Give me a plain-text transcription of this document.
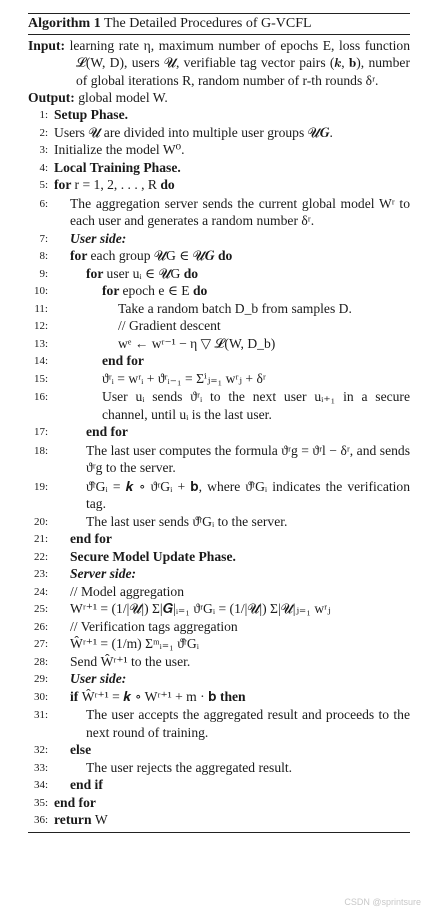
Algorithm 1 The Detailed Procedures of G-VCFL
Input: learning rate η, maximum number of epochs E, loss function 𝓛(W, D), users 𝓤, verifiable tag vector pairs (𝒌, 𝐛), number of global iterations R, random number of r-th rounds δʳ.
Output: global model W.
1: Setup Phase.
2: Users 𝓤 are divided into multiple user groups 𝓤𝑮.
3: Initialize the model W⁰.
4: Local Training Phase.
5: for r = 1, 2, . . . , R do
6:	The aggregation server sends the current global model Wʳ to each user and generates a random number δʳ.
7:	User side:
8:	for each group 𝓤G ∈ 𝓤𝑮 do
9:	for user uᵢ ∈ 𝓤G do
10:	for epoch e ∈ E do
11:	Take a random batch D_b from samples D.
12:	// Gradient descent
13:	wᵉ ← wʳ⁻¹ − η ▽ 𝓛(W, D_b)
14:	end for
15:	ϑʳᵢ = wʳᵢ + ϑʳᵢ₋₁ = Σⁱⱼ₌₁ wʳⱼ + δʳ
16:	User uᵢ sends ϑʳᵢ to the next user uᵢ₊₁ in a secure channel, until uᵢ is the last user.
17:	end for
18:	The last user computes the formula ϑʳg = ϑʳl − δʳ, and sends ϑʳg to the server.
19:	ϑ̂ʳGᵢ = 𝒌 ∘ ϑʳGᵢ + 𝐛, where ϑ̂ʳGᵢ indicates the verification tag.
20:	The last user sends ϑ̂ʳGᵢ to the server.
21:	end for
22:	Secure Model Update Phase.
23:	Server side:
24:	// Model aggregation
25:	Wʳ⁺¹ = (1/|𝓤|) Σ|𝑮|ᵢ₌₁ ϑʳGᵢ = (1/|𝓤|) Σ|𝓤|ⱼ₌₁ wʳⱼ
26:	// Verification tags aggregation
27:	Ŵʳ⁺¹ = (1/m) Σᵐᵢ₌₁ ϑ̂ʳGᵢ
28:	Send Ŵʳ⁺¹ to the user.
29:	User side:
30:	if Ŵʳ⁺¹ = 𝒌 ∘ Wʳ⁺¹ + m · 𝐛 then
31:	The user accepts the aggregated result and proceeds to the next round of training.
32:	else
33:	The user rejects the aggregated result.
34:	end if
35: end for
36: return W
CSDN @sprintsure
